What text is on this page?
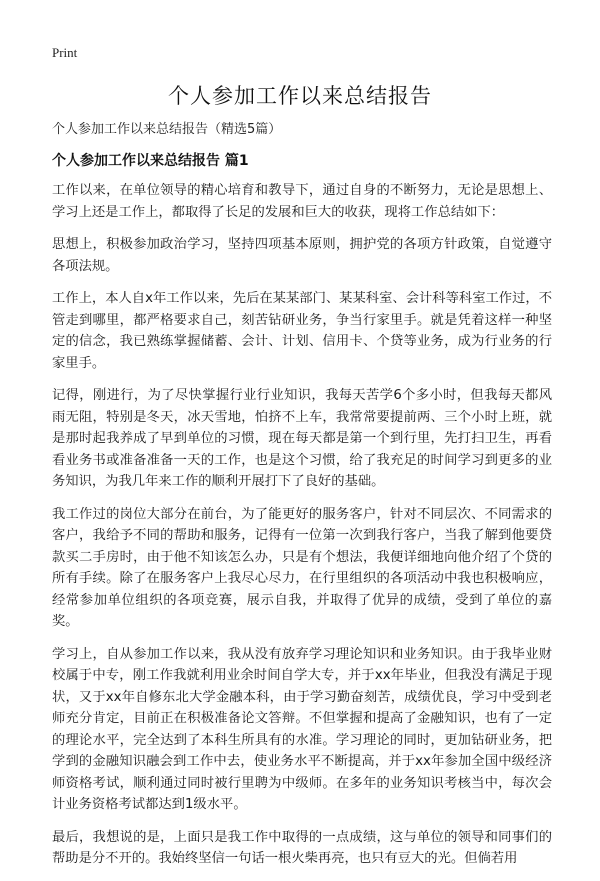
Print
个人参加工作以来总结报告
个人参加工作以来总结报告（精选5篇）
个人参加工作以来总结报告 篇1

工作以来，在单位领导的精心培育和教导下，通过自身的不断努力，无论是思想上、学习上还是工作上，都取得了长足的发展和巨大的收获，现将工作总结如下：

思想上，积极参加政治学习，坚持四项基本原则，拥护党的各项方针政策，自觉遵守各项法规。

工作上，本人自x年工作以来，先后在某某部门、某某科室、会计科等科室工作过，不管走到哪里，都严格要求自己，刻苦钻研业务，争当行家里手。就是凭着这样一种坚定的信念，我已熟练掌握储蓄、会计、计划、信用卡、个贷等业务，成为行业务的行家里手。

记得，刚进行，为了尽快掌握行业行业知识，我每天苦学6个多小时，但我每天都风雨无阻，特别是冬天，冰天雪地，怕挤不上车，我常常要提前两、三个小时上班，就是那时起我养成了早到单位的习惯，现在每天都是第一个到行里，先打扫卫生，再看看业务书或准备准备一天的工作，也是这个习惯，给了我充足的时间学习到更多的业务知识，为我几年来工作的顺利开展打下了良好的基础。

我工作过的岗位大部分在前台，为了能更好的服务客户，针对不同层次、不同需求的客户，我给予不同的帮助和服务，记得有一位第一次到我行客户，当我了解到他要贷款买二手房时，由于他不知该怎么办，只是有个想法，我便详细地向他介绍了个贷的所有手续。除了在服务客户上我尽心尽力，在行里组织的各项活动中我也积极响应，经常参加单位组织的各项竞赛，展示自我，并取得了优异的成绩，受到了单位的嘉奖。

学习上，自从参加工作以来，我从没有放弃学习理论知识和业务知识。由于我毕业财校属于中专，刚工作我就利用业余时间自学大专，并于xx年毕业，但我没有满足于现状，又于xx年自修东北大学金融本科，由于学习勤奋刻苦，成绩优良，学习中受到老师充分肯定，目前正在积极准备论文答辩。不但掌握和提高了金融知识，也有了一定的理论水平，完全达到了本科生所具有的水准。学习理论的同时，更加钻研业务，把学到的金融知识融会到工作中去，使业务水平不断提高，并于xx年参加全国中级经济师资格考试，顺利通过同时被行里聘为中级师。在多年的业务知识考核当中，每次会计业务资格考试都达到1级水平。

最后，我想说的是，上面只是我工作中取得的一点成绩，这与单位的领导和同事们的帮助是分不开的。我始终坚信一句话一根火柴再亮，也只有豆大的光。但倘若用
